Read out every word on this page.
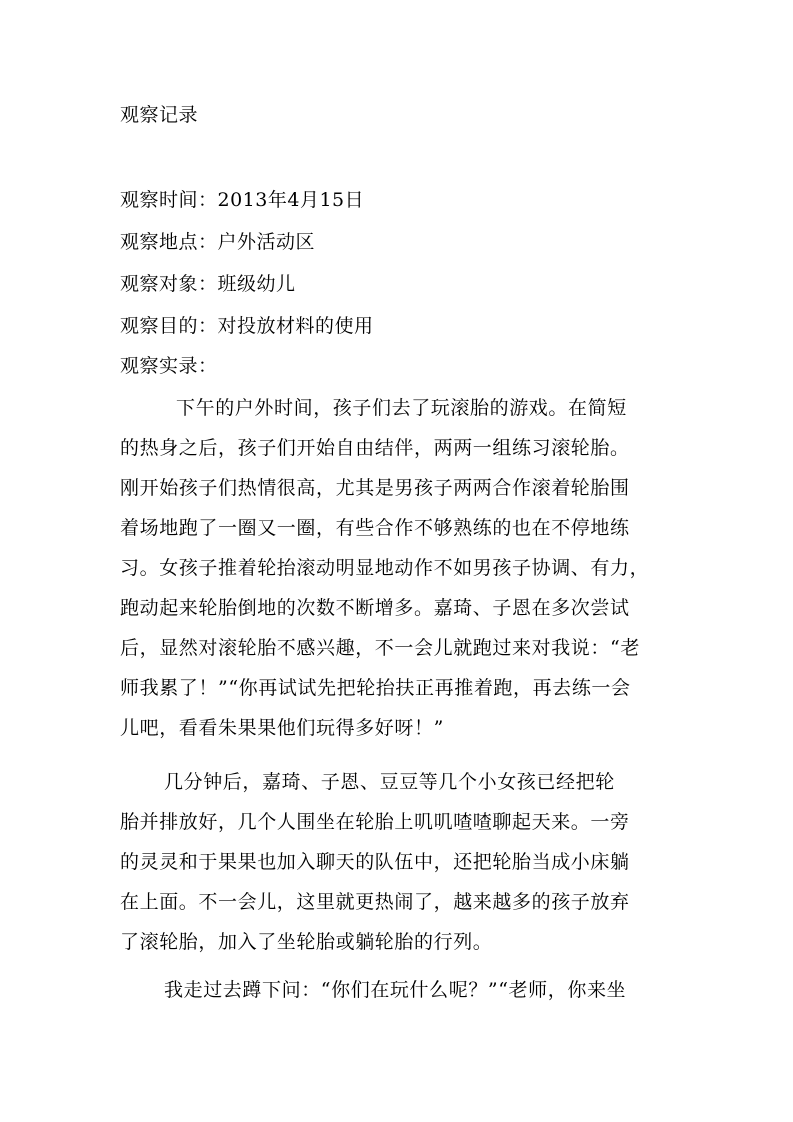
观察记录
观察时间：2013年4月15日
观察地点：户外活动区
观察对象：班级幼儿
观察目的：对投放材料的使用
观察实录：
下午的户外时间，孩子们去了玩滚胎的游戏。在简短
的热身之后，孩子们开始自由结伴，两两一组练习滚轮胎。
刚开始孩子们热情很高，尤其是男孩子两两合作滚着轮胎围
着场地跑了一圈又一圈，有些合作不够熟练的也在不停地练
习。女孩子推着轮抬滚动明显地动作不如男孩子协调、有力，
跑动起来轮胎倒地的次数不断增多。嘉琦、子恩在多次尝试
后，显然对滚轮胎不感兴趣，不一会儿就跑过来对我说：“老
师我累了！”“你再试试先把轮抬扶正再推着跑，再去练一会
儿吧，看看朱果果他们玩得多好呀！”
几分钟后，嘉琦、子恩、豆豆等几个小女孩已经把轮
胎并排放好，几个人围坐在轮胎上叽叽喳喳聊起天来。一旁
的灵灵和于果果也加入聊天的队伍中，还把轮胎当成小床躺
在上面。不一会儿，这里就更热闹了，越来越多的孩子放弃
了滚轮胎，加入了坐轮胎或躺轮胎的行列。
我走过去蹲下问：“你们在玩什么呢？”“老师，你来坐
